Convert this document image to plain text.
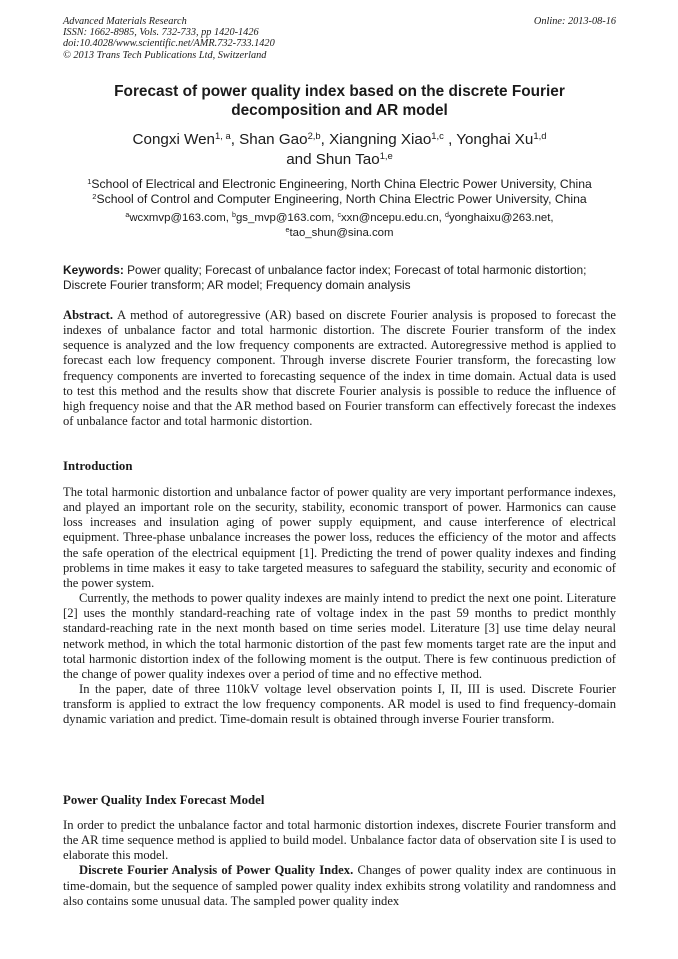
Advanced Materials Research
ISSN: 1662-8985, Vols. 732-733, pp 1420-1426
doi:10.4028/www.scientific.net/AMR.732-733.1420
© 2013 Trans Tech Publications Ltd, Switzerland
Online: 2013-08-16
Forecast of power quality index based on the discrete Fourier
decomposition and AR model
Congxi Wen$^{1, a}$, Shan Gao$^{2,b}$, Xiangning Xiao$^{1,c}$ , Yonghai Xu$^{1,d}$
and Shun Tao$^{1,e}$
$^1$School of Electrical and Electronic Engineering, North China Electric Power University, China
$^2$School of Control and Computer Engineering, North China Electric Power University, China
$^a$wcxmvp@163.com, $^b$gs_mvp@163.com, $^c$xxn@ncepu.edu.cn, $^d$yonghaixu@263.net,
$^e$tao_shun@sina.com
Keywords: Power quality; Forecast of unbalance factor index; Forecast of total harmonic distortion; Discrete Fourier transform; AR model; Frequency domain analysis

Abstract. A method of autoregressive (AR) based on discrete Fourier analysis is proposed to forecast the indexes of unbalance factor and total harmonic distortion. The discrete Fourier transform of the index sequence is analyzed and the low frequency components are extracted. Autoregressive method is applied to forecast each low frequency component. Through inverse discrete Fourier transform, the forecasting low frequency components are inverted to forecasting sequence of the index in time domain. Actual data is used to test this method and the results show that discrete Fourier analysis is possible to reduce the influence of high frequency noise and that the AR method based on Fourier transform can effectively forecast the indexes of unbalance factor and total harmonic distortion.

Introduction

The total harmonic distortion and unbalance factor of power quality are very important performance indexes, and played an important role on the security, stability, economic transport of power. Harmonics can cause loss increases and insulation aging of power supply equipment, and cause interference of electrical equipment. Three-phase unbalance increases the power loss, reduces the efficiency of the motor and affects the safe operation of the electrical equipment [1]. Predicting the trend of power quality indexes and finding problems in time makes it easy to take targeted measures to safeguard the stability, security and economic of the power system.

Currently, the methods to power quality indexes are mainly intend to predict the next one point. Literature [2] uses the monthly standard-reaching rate of voltage index in the past 59 months to predict monthly standard-reaching rate in the next month based on time series model. Literature [3] use time delay neural network method, in which the total harmonic distortion of the past few moments target rate are the input and total harmonic distortion index of the following moment is the output. There is few continuous prediction of the change of power quality indexes over a period of time and no effective method.

In the paper, date of three 110kV voltage level observation points I, II, III is used. Discrete Fourier transform is applied to extract the low frequency components. AR model is used to find frequency-domain dynamic variation and predict. Time-domain result is obtained through inverse Fourier transform.

Power Quality Index Forecast Model

In order to predict the unbalance factor and total harmonic distortion indexes, discrete Fourier transform and the AR time sequence method is applied to build model. Unbalance factor data of observation site I is used to elaborate this model.

Discrete Fourier Analysis of Power Quality Index. Changes of power quality index are continuous in time-domain, but the sequence of sampled power quality index exhibits strong volatility and randomness and also contains some unusual data. The sampled power quality index
